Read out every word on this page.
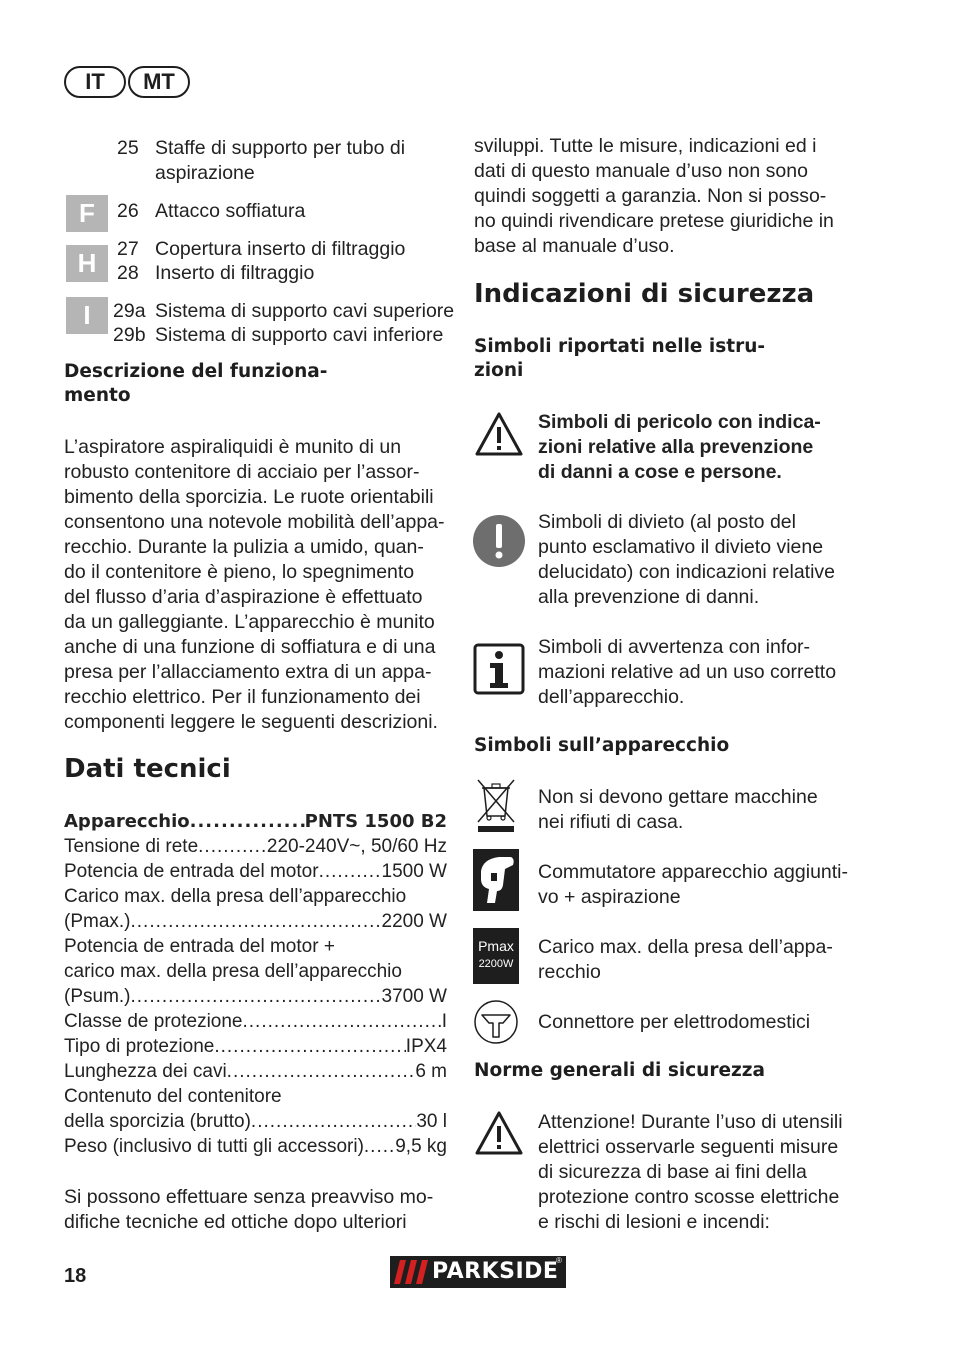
IT	MT
F
H
I
25 Staffe di supporto per tubo di
aspirazione
26 Attacco soffiatura
27 Copertura inserto di filtraggio
28 Inserto di filtraggio
29a Sistema di supporto cavi superiore
29b Sistema di supporto cavi inferiore
Descrizione del funziona-
mento
L’aspiratore aspiraliquidi è munito di un
robusto contenitore di acciaio per l’assor-
bimento della sporcizia. Le ruote orientabili
consentono una notevole mobilità dell’appa-
recchio. Durante la pulizia a umido, quan-
do il contenitore è pieno, lo spegnimento
del flusso d’aria d’aspirazione è effettuato
da un galleggiante. L’apparecchio è munito
anche di una funzione di soffiatura e di una
presa per l’allacciamento extra di un appa-
recchio elettrico. Per il funzionamento dei
componenti leggere le seguenti descrizioni.
Dati tecnici
Apparecchio .....	PNTS 1500 B2
Tensione di rete .....	220-240V~, 50/60 Hz
Potencia de entrada del motor .....	1500 W
Carico max. della presa dell’apparecchio
(Pmax.) .....	2200 W
Potencia de entrada del motor +
carico max. della presa dell’apparecchio
(Psum.) .....	3700 W
Classe de protezione .....	I
Tipo di protezione .....	IPX4
Lunghezza dei cavi .....	6 m
Contenuto del contenitore
della sporcizia (brutto) .....	30 l
Peso (inclusivo di tutti gli accessori) ..... 9,5 kg
Si possono effettuare senza preavviso mo-
difiche tecniche ed ottiche dopo ulteriori
sviluppi. Tutte le misure, indicazioni ed i
dati di questo manuale d’uso non sono
quindi soggetti a garanzia. Non si posso-
no quindi rivendicare pretese giuridiche in
base al manuale d’uso.
Indicazioni di sicurezza
Simboli riportati nelle istru-
zioni
Simboli di pericolo con indica-
zioni relative alla prevenzione
di danni a cose e persone.
Simboli di divieto (al posto del
punto esclamativo il divieto viene
delucidato) con indicazioni relative
alla prevenzione di danni.
Simboli di avvertenza con infor-
mazioni relative ad un uso corretto
dell’apparecchio.
Simboli sull’apparecchio
Non si devono gettare macchine
nei rifiuti di casa.
Commutatore apparecchio aggiunti-
vo + aspirazione
Pmax
2200W
Carico max. della presa dell’appa-
recchio
Connettore per elettrodomestici
Norme generali di sicurezza
Attenzione! Durante l’uso di utensili
elettrici osservarle seguenti misure
di sicurezza di base ai fini della
protezione contro scosse elettriche
e rischi di lesioni e incendi:
18	PARKSIDE
®
